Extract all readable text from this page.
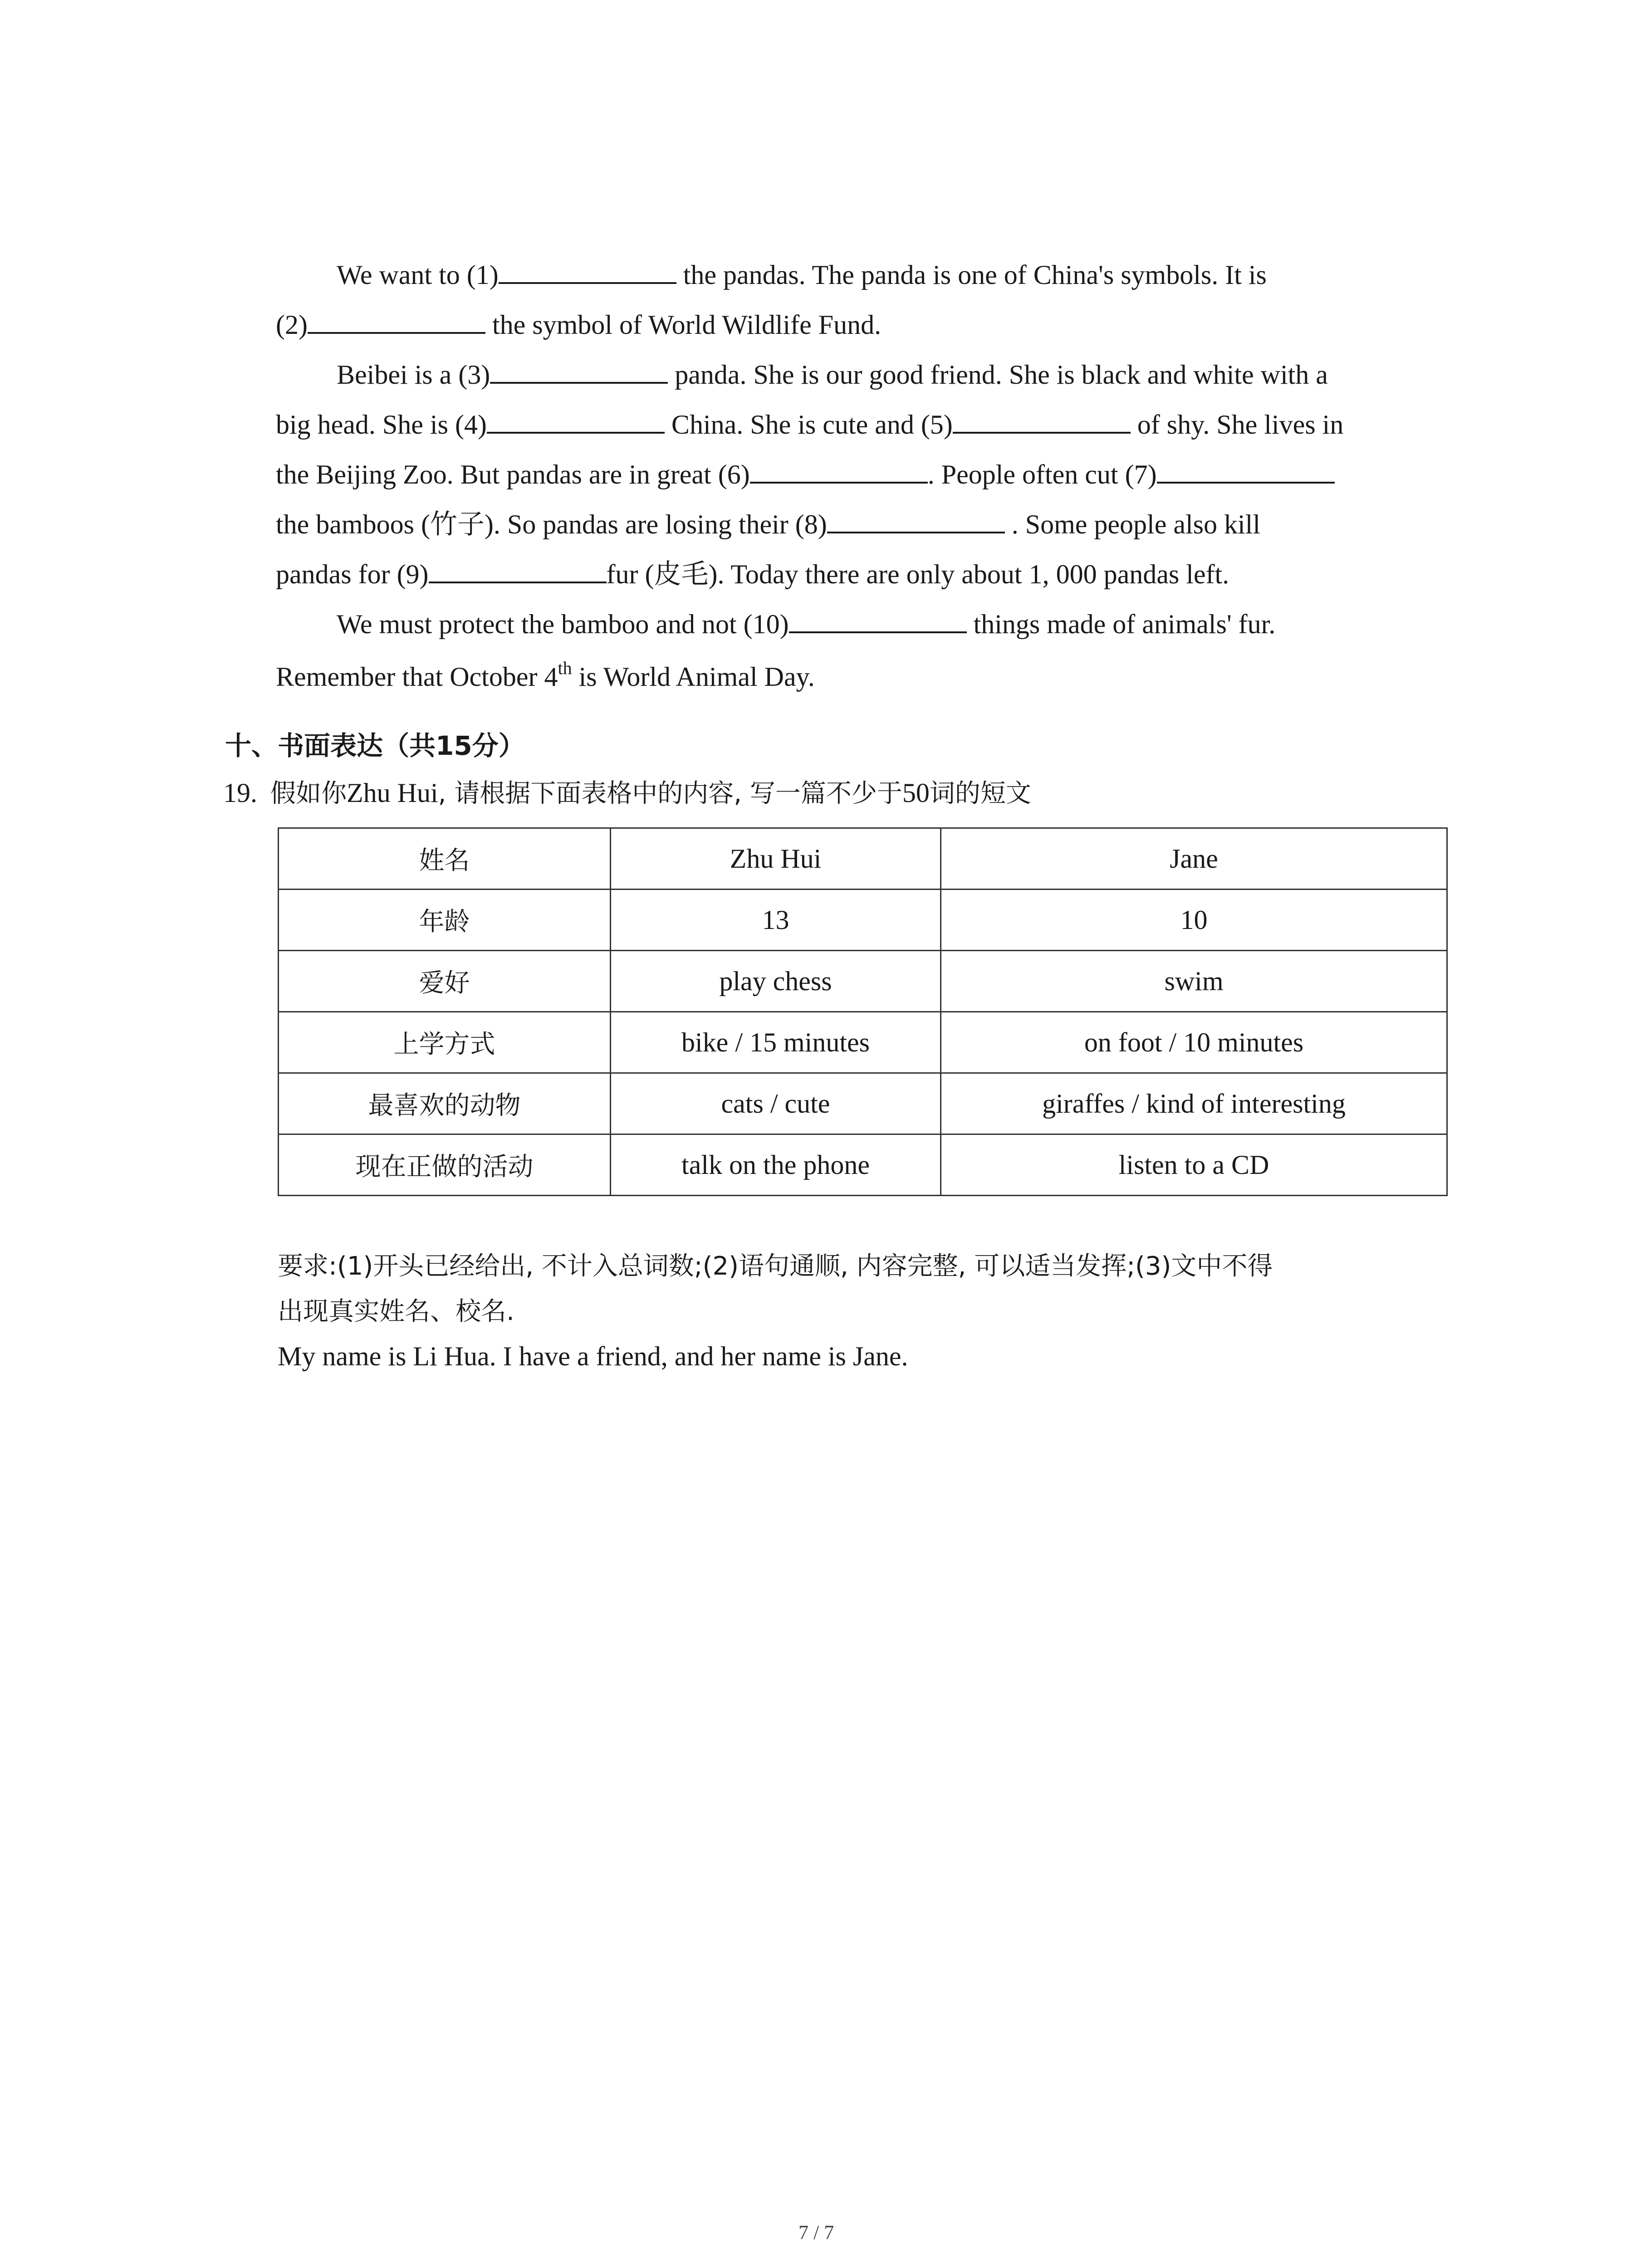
We want to (1)	the pandas. The panda is one of China's symbols. It is
(2)	the symbol of World Wildlife Fund.
Beibei is a (3)	panda. She is our good friend. She is black and white with a
big head. She is (4)	China. She is cute and (5)	of shy. She lives in
the Beijing Zoo. But pandas are in great (6)	. People often cut (7)
the bamboos (竹子). So pandas are losing their (8)	. Some people also kill
pandas for (9)	fur (皮毛). Today there are only about 1, 000 pandas left.
We must protect the bamboo and not (10)	things made of animals' fur.
Remember that October 4th is World Animal Day.
十、书面表达（共15分）
19. 假如你Zhu Hui, 请根据下面表格中的内容, 写一篇不少于50词的短文
姓名	Zhu Hui	Jane
年龄	13	10
爱好	play chess	swim
上学方式	bike / 15 minutes	on foot / 10 minutes
最喜欢的动物	cats / cute	giraffes / kind of interesting
现在正做的活动	talk on the phone	listen to a CD
要求:(1)开头已经给出, 不计入总词数;(2)语句通顺, 内容完整, 可以适当发挥;(3)文中不得
出现真实姓名、校名.
My name is Li Hua. I have a friend, and her name is Jane.
7 / 7
